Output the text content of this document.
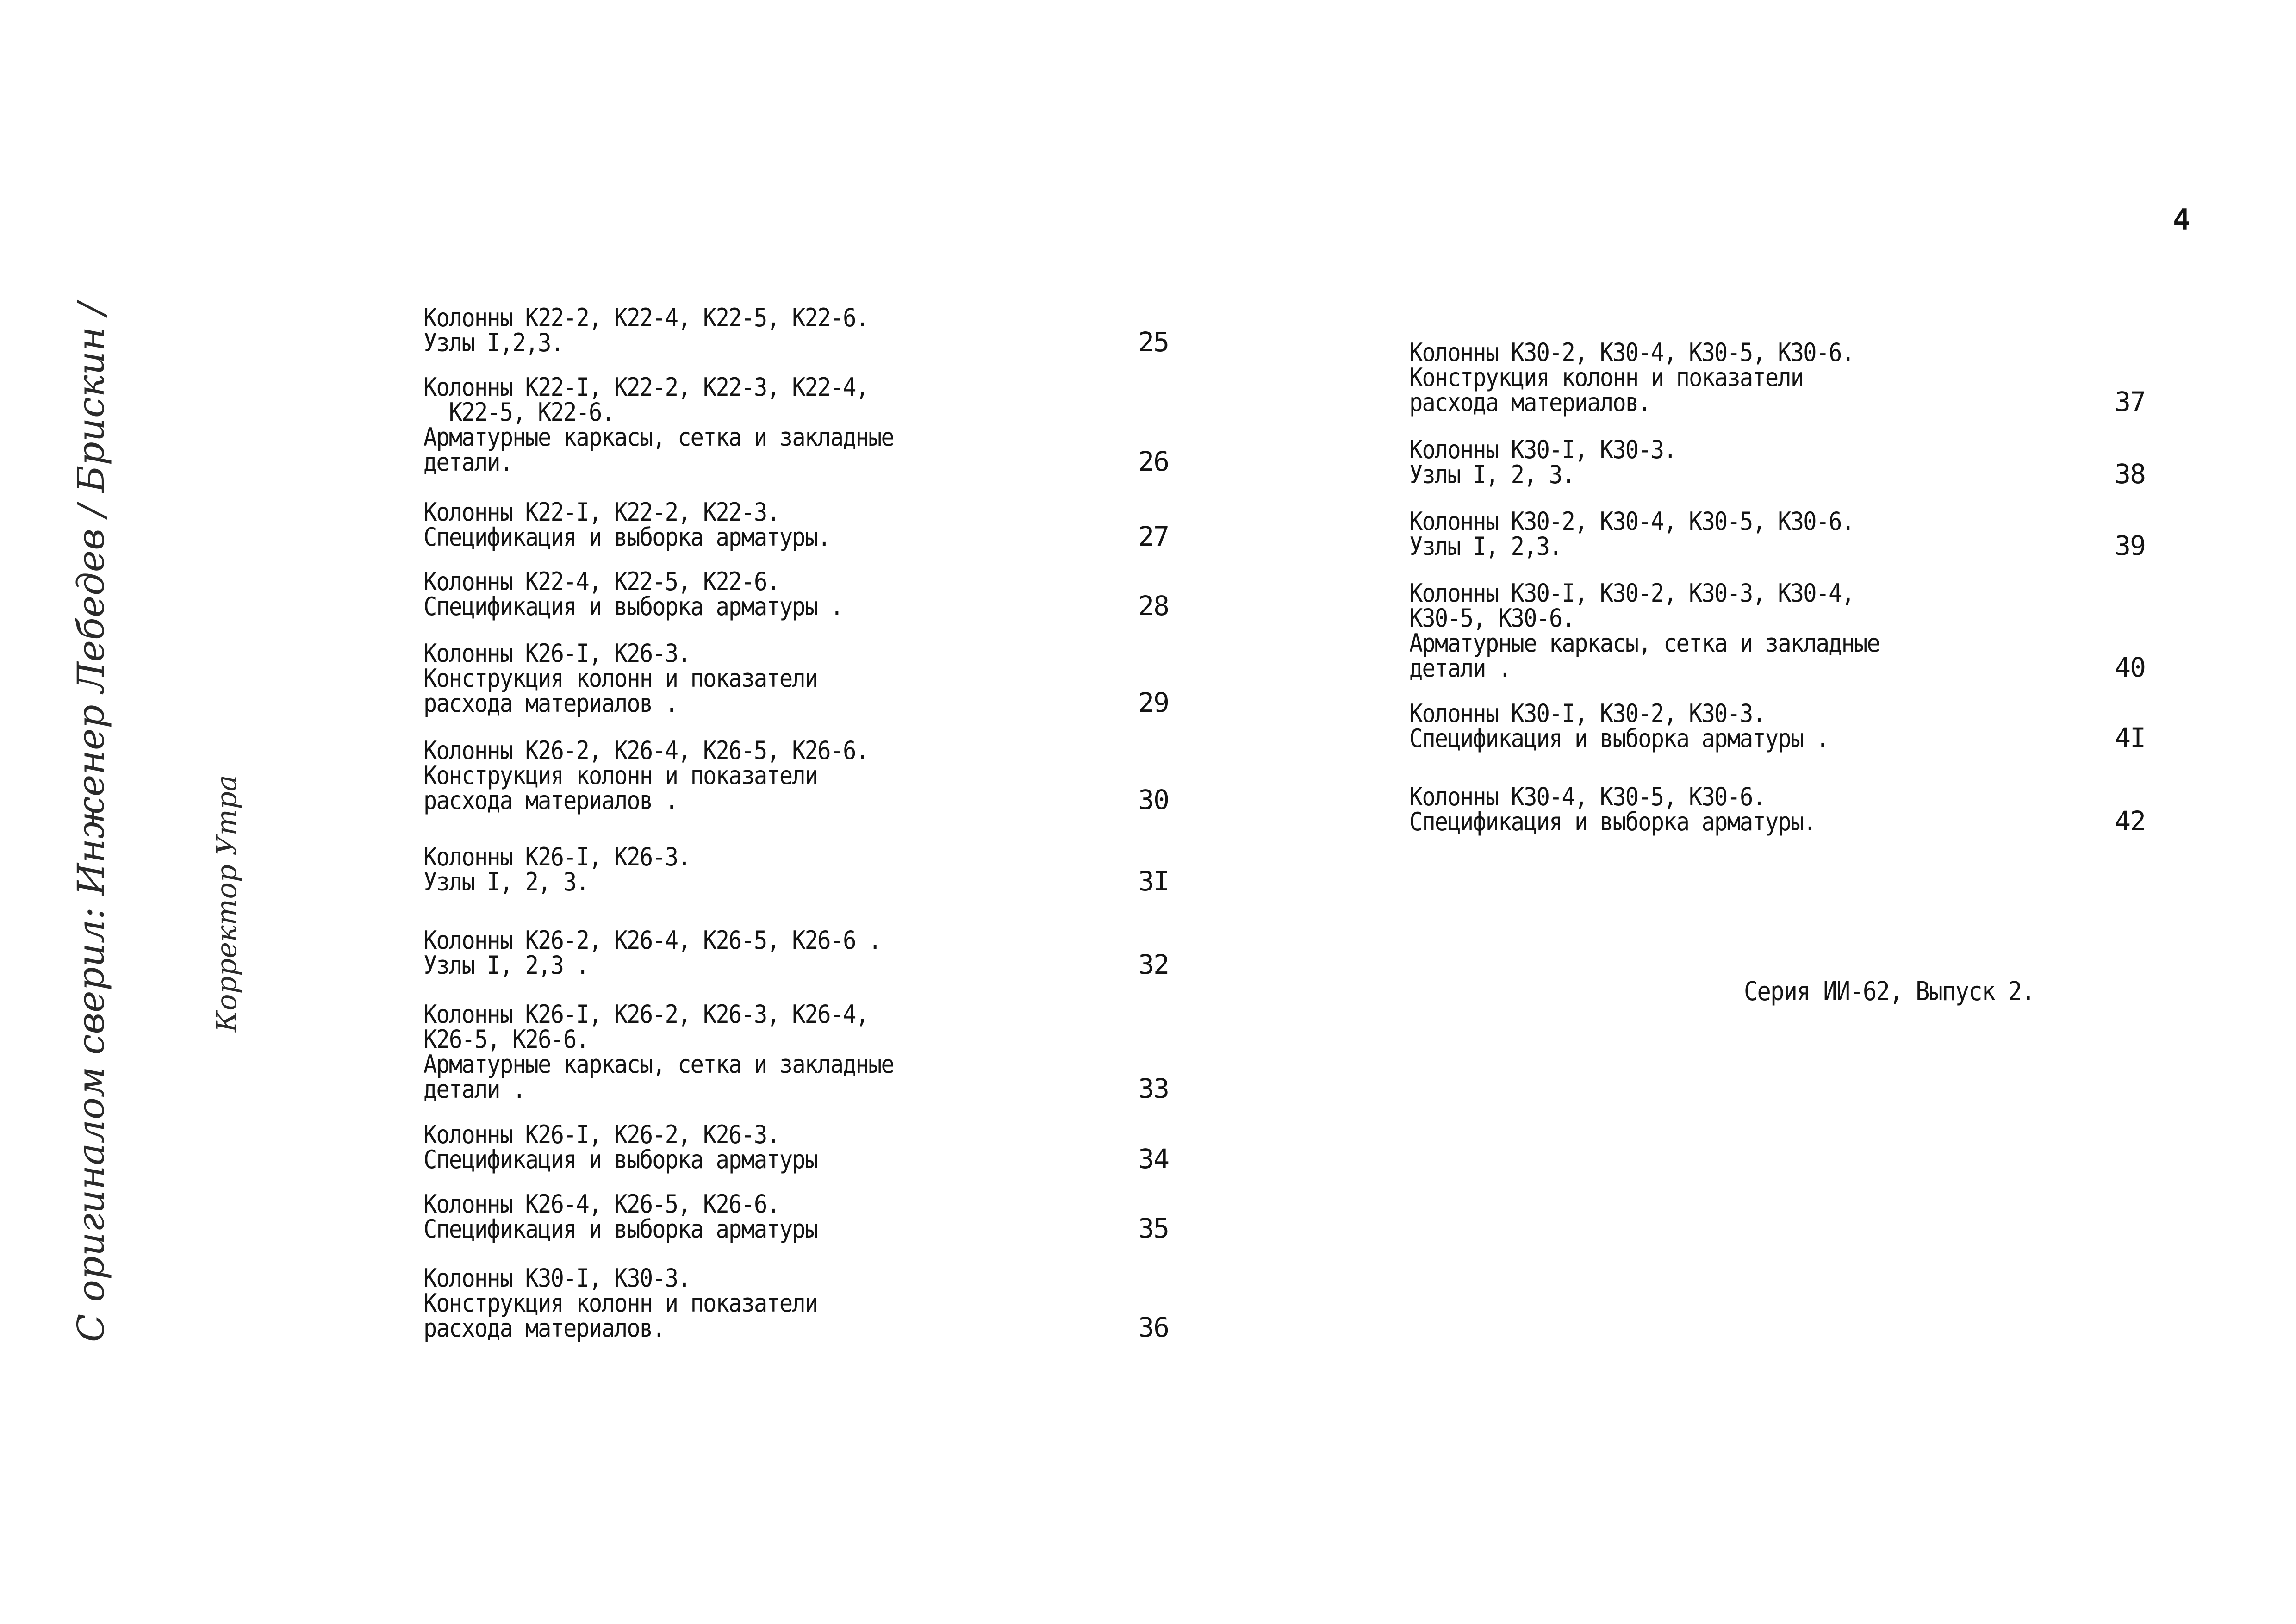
4
Колонны К22-2, К22-4, К22-5, К22-6.
Узлы I,2,3.	25
Колонны К22-I, К22-2, К22-3, К22-4,
К22-5, К22-6.
Арматурные каркасы, сетка и закладные
детали.	26
Колонны К22-I, К22-2, К22-3.
Спецификация и выборка арматуры.	27
Колонны К22-4, К22-5, К22-6.
Спецификация и выборка арматуры .	28
Колонны К26-I, К26-3.
Конструкция колонн и показатели
расхода материалов .	29
Колонны К26-2, К26-4, К26-5, К26-6.
Конструкция колонн и показатели
расхода материалов .	30
Колонны К26-I, К26-3.
Узлы I, 2, 3.	3I
Колонны К26-2, К26-4, К26-5, К26-6 .
Узлы I, 2,3 .	32
Колонны К26-I, К26-2, К26-3, К26-4,
К26-5, К26-6.
Арматурные каркасы, сетка и закладные
детали .	33
Колонны К26-I, К26-2, К26-3.
Спецификация и выборка арматуры	34
Колонны К26-4, К26-5, К26-6.
Спецификация и выборка арматуры	35
Колонны К30-I, К30-3.
Конструкция колонн и показатели
расхода материалов.	36
Колонны К30-2, К30-4, К30-5, К30-6.
Конструкция колонн и показатели
расхода материалов.	37
Колонны К30-I, К30-3.
Узлы I, 2, 3.	38
Колонны К30-2, К30-4, К30-5, К30-6.
Узлы I, 2,3.	39
Колонны К30-I, К30-2, К30-3, К30-4,
К30-5, К30-6.
Арматурные каркасы, сетка и закладные
детали .	40
Колонны К30-I, К30-2, К30-3.
Спецификация и выборка арматуры .	4I
Колонны К30-4, К30-5, К30-6.
Спецификация и выборка арматуры.	42
Серия ИИ-62, Выпуск 2.
С оригиналом сверил: Инженер Лебедев / Брискин /	Корректор Утра
